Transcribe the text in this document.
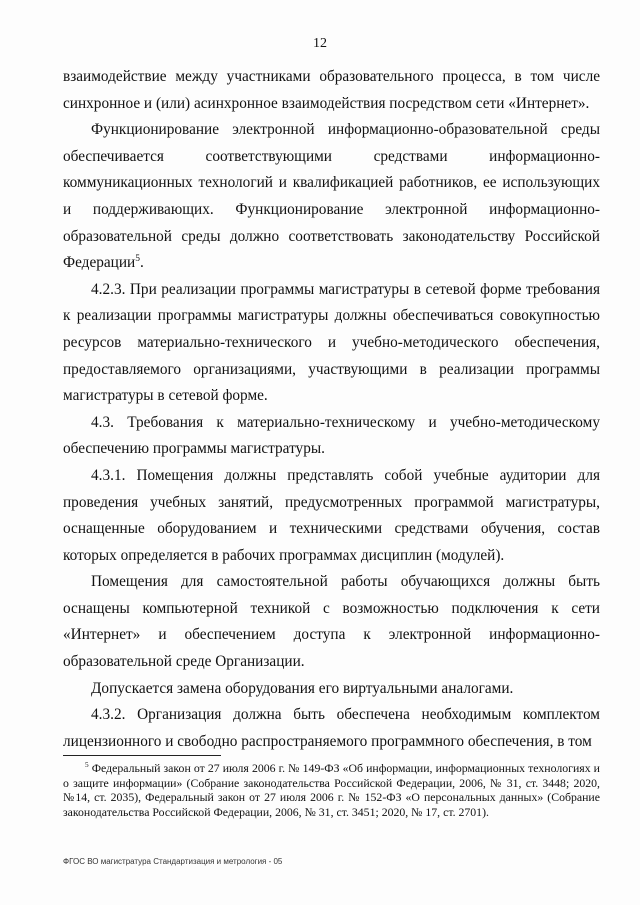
12

взаимодействие между участниками образовательного процесса, в том числе синхронное и (или) асинхронное взаимодействия посредством сети «Интернет».

Функционирование электронной информационно-образовательной среды обеспечивается соответствующими средствами информационно-коммуникационных технологий и квалификацией работников, ее использующих и поддерживающих. Функционирование электронной информационно-образовательной среды должно соответствовать законодательству Российской Федерации$^5$.

4.2.3. При реализации программы магистратуры в сетевой форме требования к реализации программы магистратуры должны обеспечиваться совокупностью ресурсов материально-технического и учебно-методического обеспечения, предоставляемого организациями, участвующими в реализации программы магистратуры в сетевой форме.

4.3. Требования к материально-техническому и учебно-методическому обеспечению программы магистратуры.

4.3.1. Помещения должны представлять собой учебные аудитории для проведения учебных занятий, предусмотренных программой магистратуры, оснащенные оборудованием и техническими средствами обучения, состав которых определяется в рабочих программах дисциплин (модулей).

Помещения для самостоятельной работы обучающихся должны быть оснащены компьютерной техникой с возможностью подключения к сети «Интернет» и обеспечением доступа к электронной информационно-образовательной среде Организации.

Допускается замена оборудования его виртуальными аналогами.

4.3.2. Организация должна быть обеспечена необходимым комплектом лицензионного и свободно распространяемого программного обеспечения, в том

$^5$ Федеральный закон от 27 июля 2006 г. № 149-ФЗ «Об информации, информационных технологиях и о защите информации» (Собрание законодательства Российской Федерации, 2006, № 31, ст. 3448; 2020, №14, ст. 2035), Федеральный закон от 27 июля 2006 г. № 152-ФЗ «О персональных данных» (Собрание законодательства Российской Федерации, 2006, № 31, ст. 3451; 2020, № 17, ст. 2701).
ФГОС ВО магистратура Стандартизация и метрология - 05
